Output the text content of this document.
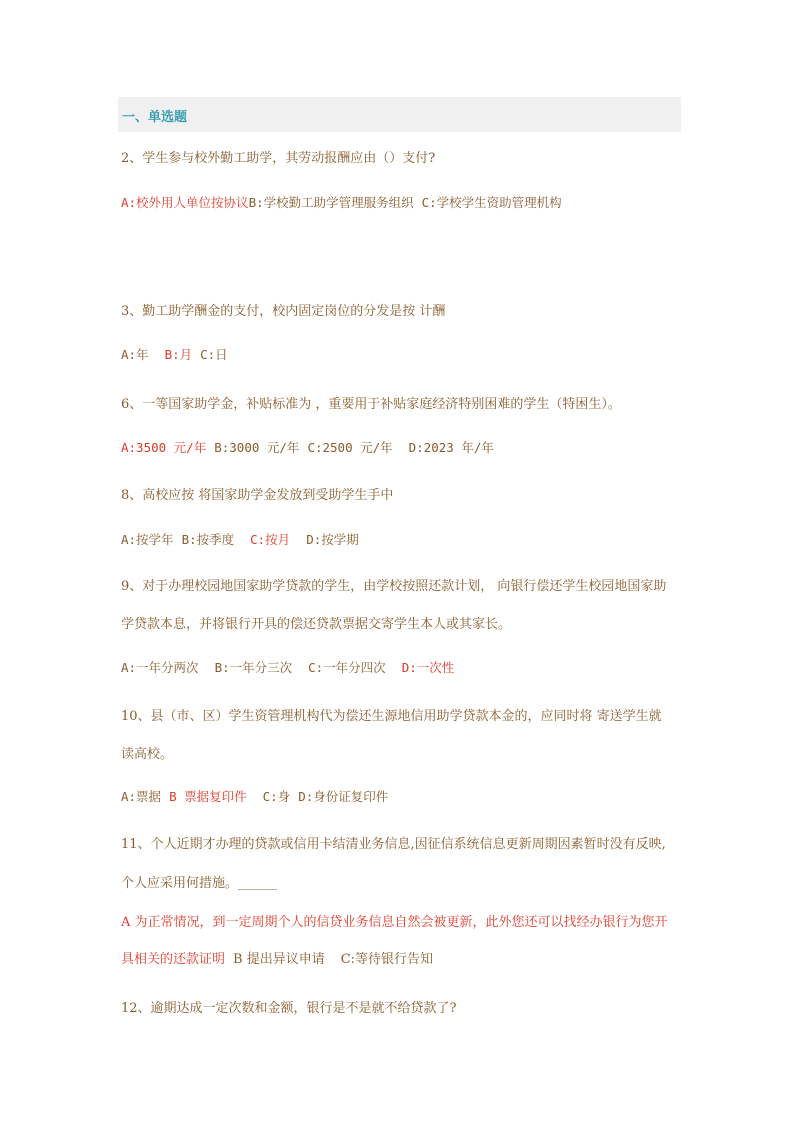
一、单选题
2、学生参与校外勤工助学，其劳动报酬应由（）支付?
A:校外用人单位按协议B:学校勤工助学管理服务组织 C:学校学生资助管理机构
3、勤工助学酬金的支付，校内固定岗位的分发是按 计酬
A:年 B:月 C:日
6、一等国家助学金，补贴标准为 ，重要用于补贴家庭经济特别困难的学生（特困生）。
A:3500 元/年 B:3000 元/年 C:2500 元/年 D:2023 年/年
8、高校应按 将国家助学金发放到受助学生手中
A:按学年 B:按季度 C:按月 D:按学期
9、对于办理校园地国家助学贷款的学生，由学校按照还款计划， 向银行偿还学生校园地国家助
学贷款本息，并将银行开具的偿还贷款票据交寄学生本人或其家长。
A:一年分两次 B:一年分三次 C:一年分四次 D:一次性
10、县（市、区）学生资管理机构代为偿还生源地信用助学贷款本金的，应同时将 寄送学生就
读高校。
A:票据 B 票据复印件 C:身 D:身份证复印件
11、个人近期才办理的贷款或信用卡结清业务信息,因征信系统信息更新周期因素暂时没有反映,
个人应采用何措施。______
A 为正常情况，到一定周期个人的信贷业务信息自然会被更新，此外您还可以找经办银行为您开
具相关的还款证明 B 提出异议申请 C:等待银行告知
12、逾期达成一定次数和金额，银行是不是就不给贷款了?
